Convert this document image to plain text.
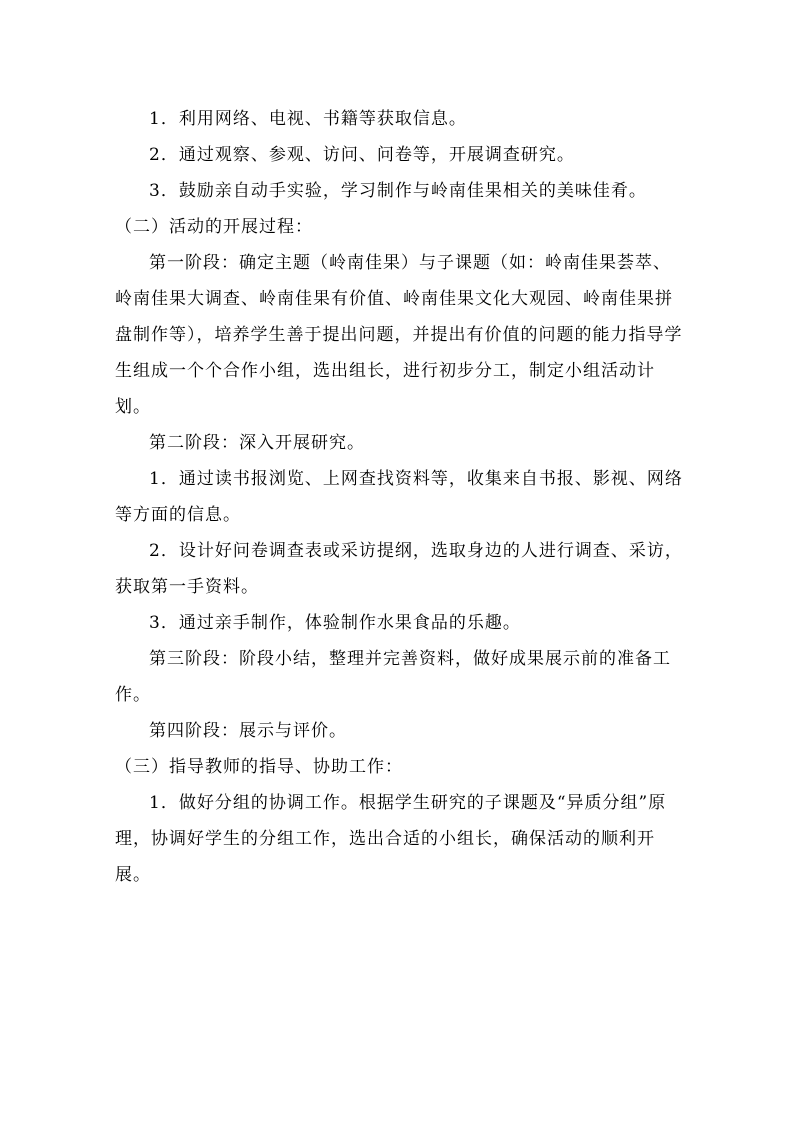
1．利用网络、电视、书籍等获取信息。

2．通过观察、参观、访问、问卷等，开展调查研究。

3．鼓励亲自动手实验，学习制作与岭南佳果相关的美味佳肴。

（二）活动的开展过程：

第一阶段：确定主题（岭南佳果）与子课题（如：岭南佳果荟萃、岭南佳果大调查、岭南佳果有价值、岭南佳果文化大观园、岭南佳果拼盘制作等），培养学生善于提出问题，并提出有价值的问题的能力指导学生组成一个个合作小组，选出组长，进行初步分工，制定小组活动计划。

第二阶段：深入开展研究。

1．通过读书报浏览、上网查找资料等，收集来自书报、影视、网络等方面的信息。

2．设计好问卷调查表或采访提纲，选取身边的人进行调查、采访，获取第一手资料。

3．通过亲手制作，体验制作水果食品的乐趣。

第三阶段：阶段小结，整理并完善资料，做好成果展示前的准备工作。

第四阶段：展示与评价。

（三）指导教师的指导、协助工作：

1．做好分组的协调工作。根据学生研究的子课题及“异质分组”原理，协调好学生的分组工作，选出合适的小组长，确保活动的顺利开展。
